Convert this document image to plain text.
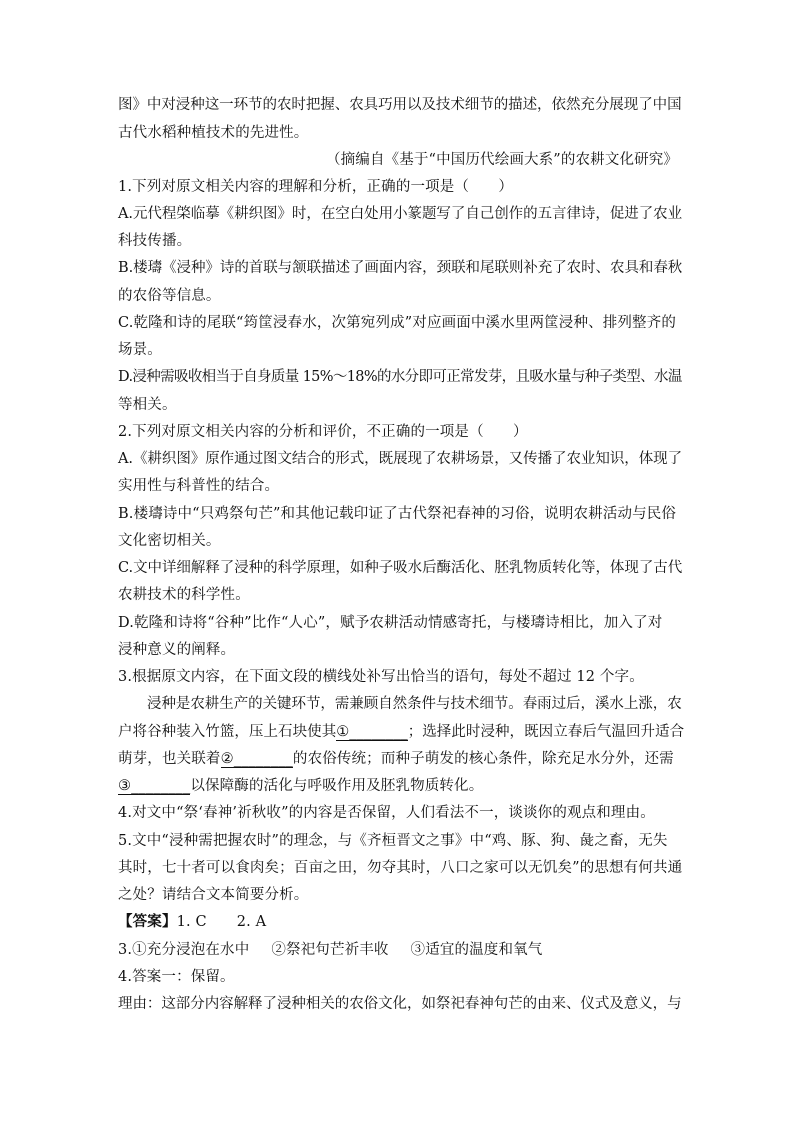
图》中对浸种这一环节的农时把握、农具巧用以及技术细节的描述，依然充分展现了中国
古代水稻种植技术的先进性。
（摘编自《基于“中国历代绘画大系”的农耕文化研究》
1.下列对原文相关内容的理解和分析，正确的一项是（　　）
A.元代程棨临摹《耕织图》时，在空白处用小篆题写了自己创作的五言律诗，促进了农业
科技传播。
B.楼璹《浸种》诗的首联与颔联描述了画面内容，颈联和尾联则补充了农时、农具和春秋
的农俗等信息。
C.乾隆和诗的尾联“筠筐浸春水，次第宛列成”对应画面中溪水里两筐浸种、排列整齐的
场景。
D.浸种需吸收相当于自身质量 15%～18%的水分即可正常发芽，且吸水量与种子类型、水温
等相关。
2.下列对原文相关内容的分析和评价，不正确的一项是（　　）
A.《耕织图》原作通过图文结合的形式，既展现了农耕场景，又传播了农业知识，体现了
实用性与科普性的结合。
B.楼璹诗中“只鸡祭句芒”和其他记载印证了古代祭祀春神的习俗，说明农耕活动与民俗
文化密切相关。
C.文中详细解释了浸种的科学原理，如种子吸水后酶活化、胚乳物质转化等，体现了古代
农耕技术的科学性。
D.乾隆和诗将“谷种”比作“人心”，赋予农耕活动情感寄托，与楼璹诗相比，加入了对
浸种意义的阐释。
3.根据原文内容，在下面文段的横线处补写出恰当的语句，每处不超过 12 个字。
浸种是农耕生产的关键环节，需兼顾自然条件与技术细节。春雨过后，溪水上涨，农
户将谷种装入竹篮，压上石块使其①________；选择此时浸种，既因立春后气温回升适合
萌芽，也关联着②________的农俗传统；而种子萌发的核心条件，除充足水分外，还需
③________以保障酶的活化与呼吸作用及胚乳物质转化。
4.对文中“祭‘春神’祈秋收”的内容是否保留，人们看法不一，谈谈你的观点和理由。
5.文中“浸种需把握农时”的理念，与《齐桓晋文之事》中“鸡、豚、狗、彘之畜，无失
其时，七十者可以食肉矣；百亩之田，勿夺其时，八口之家可以无饥矣”的思想有何共通
之处？请结合文本简要分析。
【答案】1. C 2. A
3.①充分浸泡在水中 ②祭祀句芒祈丰收 ③适宜的温度和氧气
4.答案一：保留。
理由：这部分内容解释了浸种相关的农俗文化，如祭祀春神句芒的由来、仪式及意义，与
